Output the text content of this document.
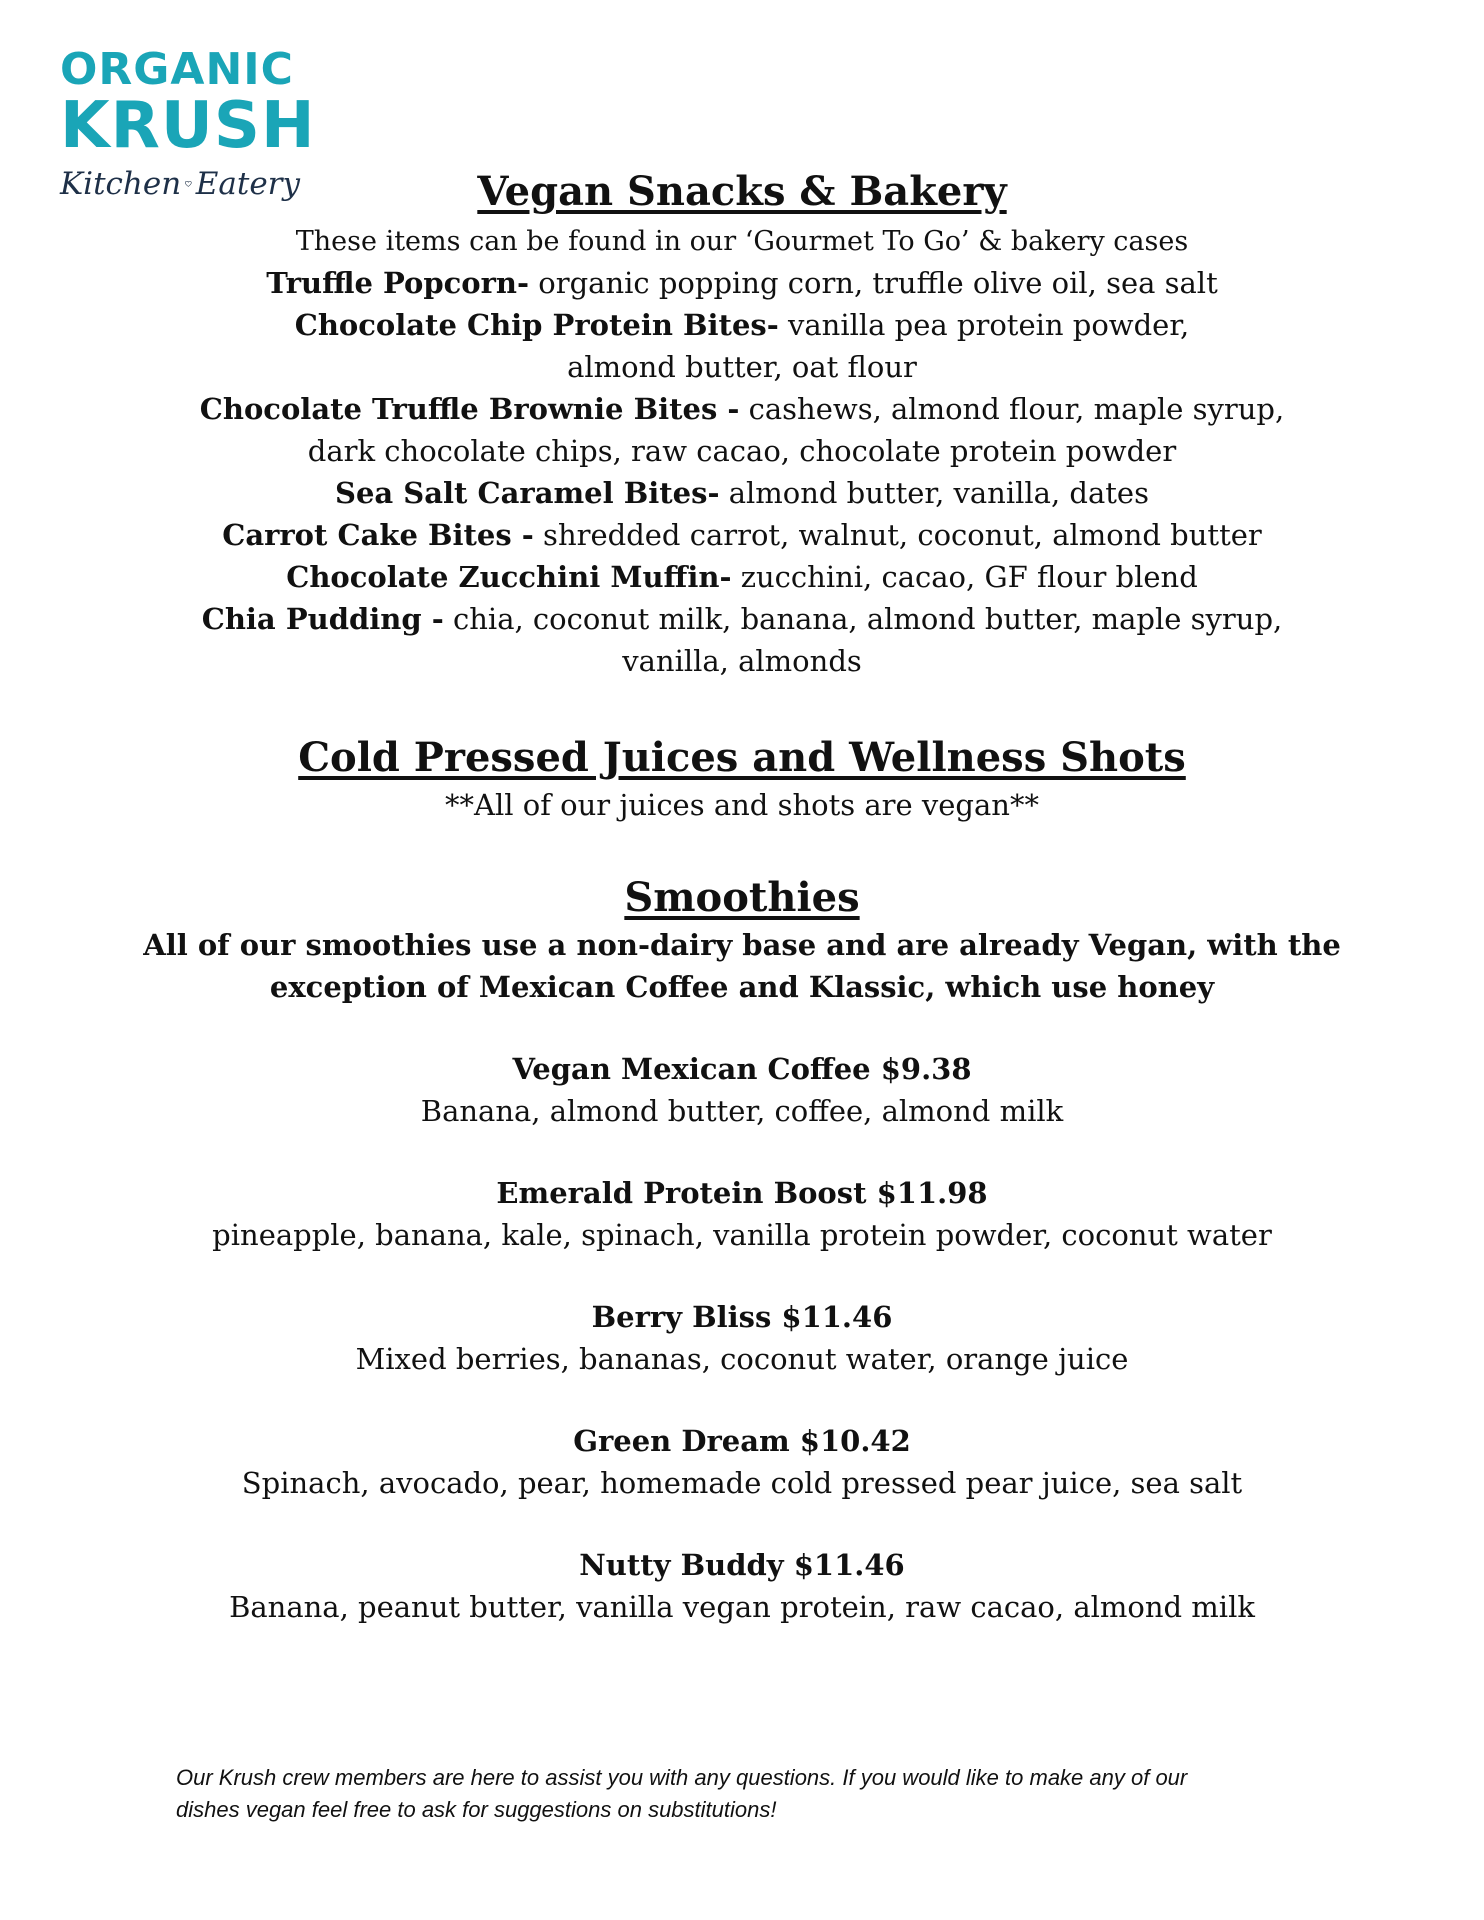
ORGANIC
KRUSH
Kitchen Eatery	Vegan Snacks & Bakery

These items can be found in our ‘Gourmet To Go’ & bakery cases

Truffle Popcorn- organic popping corn, truffle olive oil, sea salt

Chocolate Chip Protein Bites- vanilla pea protein powder,

almond butter, oat flour

Chocolate Truffle Brownie Bites - cashews, almond flour, maple syrup,

dark chocolate chips, raw cacao, chocolate protein powder

Sea Salt Caramel Bites- almond butter, vanilla, dates

Carrot Cake Bites - shredded carrot, walnut, coconut, almond butter

Chocolate Zucchini Muffin- zucchini, cacao, GF flour blend

Chia Pudding - chia, coconut milk, banana, almond butter, maple syrup,

vanilla, almonds

Cold Pressed Juices and Wellness Shots

**All of our juices and shots are vegan**

Smoothies

All of our smoothies use a non-dairy base and are already Vegan, with the

exception of Mexican Coffee and Klassic, which use honey

Vegan Mexican Coffee $9.38

Banana, almond butter, coffee, almond milk

Emerald Protein Boost $11.98

pineapple, banana, kale, spinach, vanilla protein powder, coconut water

Berry Bliss $11.46

Mixed berries, bananas, coconut water, orange juice

Green Dream $10.42

Spinach, avocado, pear, homemade cold pressed pear juice, sea salt

Nutty Buddy $11.46

Banana, peanut butter, vanilla vegan protein, raw cacao, almond milk

Our Krush crew members are here to assist you with any questions. If you would like to make any of our
dishes vegan feel free to ask for suggestions on substitutions!
